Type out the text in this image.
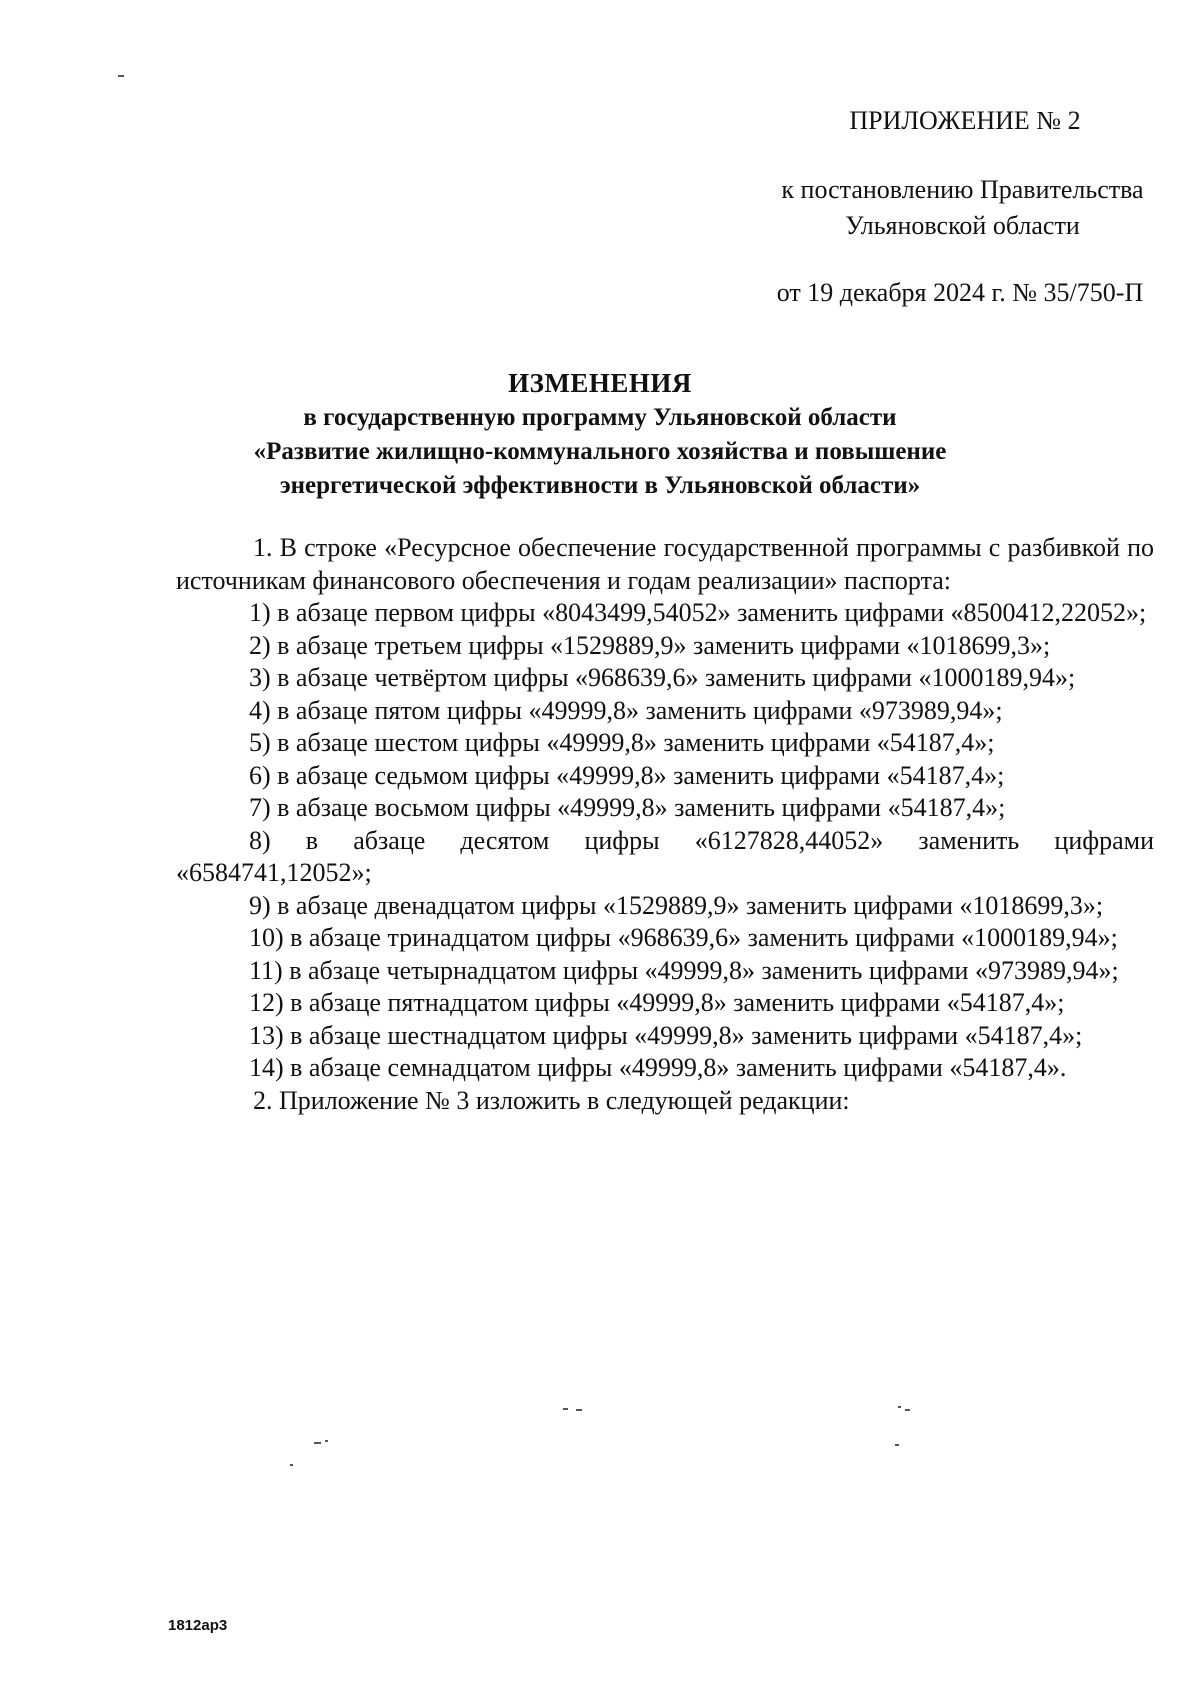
ПРИЛОЖЕНИЕ № 2
к постановлению Правительства
Ульяновской области
от 19 декабря 2024 г. № 35/750-П
ИЗМЕНЕНИЯ
в государственную программу Ульяновской области
«Развитие жилищно-коммунального хозяйства и повышение
энергетической эффективности в Ульяновской области»

1. В строке «Ресурсное обеспечение государственной программы с разбивкой по источникам финансового обеспечения и годам реализации» паспорта:

1) в абзаце первом цифры «8043499,54052» заменить цифрами «8500412,22052»;

2) в абзаце третьем цифры «1529889,9» заменить цифрами «1018699,3»;

3) в абзаце четвёртом цифры «968639,6» заменить цифрами «1000189,94»;

4) в абзаце пятом цифры «49999,8» заменить цифрами «973989,94»;

5) в абзаце шестом цифры «49999,8» заменить цифрами «54187,4»;

6) в абзаце седьмом цифры «49999,8» заменить цифрами «54187,4»;

7) в абзаце восьмом цифры «49999,8» заменить цифрами «54187,4»;

8) в абзаце десятом цифры «6127828,44052» заменить цифрами «6584741,12052»;

9) в абзаце двенадцатом цифры «1529889,9» заменить цифрами «1018699,3»;

10) в абзаце тринадцатом цифры «968639,6» заменить цифрами «1000189,94»;

11) в абзаце четырнадцатом цифры «49999,8» заменить цифрами «973989,94»;

12) в абзаце пятнадцатом цифры «49999,8» заменить цифрами «54187,4»;

13) в абзаце шестнадцатом цифры «49999,8» заменить цифрами «54187,4»;

14) в абзаце семнадцатом цифры «49999,8» заменить цифрами «54187,4».

2. Приложение № 3 изложить в следующей редакции:

1812ар3
